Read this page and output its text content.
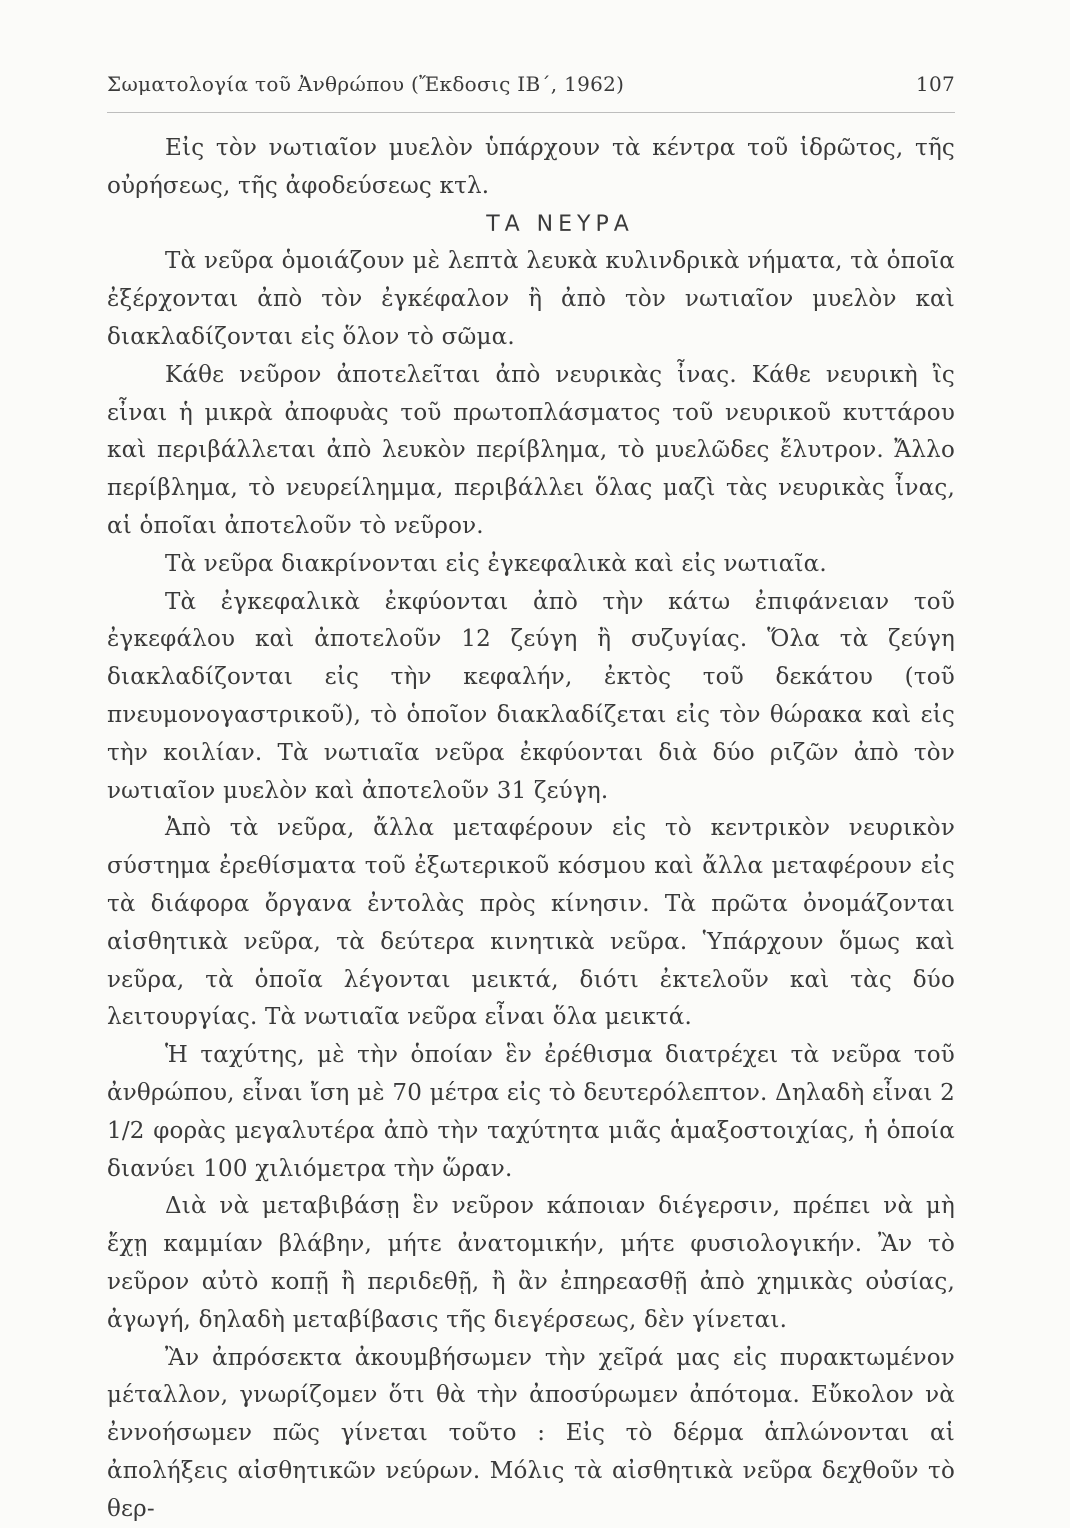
Σωματολογία τοῦ Ἀνθρώπου (Ἔκδοσις ΙΒ΄, 1962)	107

Εἰς τὸν νωτιαῖον μυελὸν ὑπάρχουν τὰ κέντρα τοῦ ἱδρῶτος, τῆς οὐρήσεως, τῆς ἀφοδεύσεως κτλ.

ΤΑ ΝΕΥΡΑ

Τὰ νεῦρα ὁμοιάζουν μὲ λεπτὰ λευκὰ κυλινδρικὰ νήματα, τὰ ὁποῖα ἐξέρχονται ἀπὸ τὸν ἐγκέφαλον ἢ ἀπὸ τὸν νωτιαῖον μυελὸν καὶ διακλαδίζονται εἰς ὅλον τὸ σῶμα.

Κάθε νεῦρον ἀποτελεῖται ἀπὸ νευρικὰς ἶνας. Κάθε νευρικὴ ἲς εἶναι ἡ μικρὰ ἀποφυὰς τοῦ πρωτοπλάσματος τοῦ νευρικοῦ κυττάρου καὶ περιβάλλεται ἀπὸ λευκὸν περίβλημα, τὸ μυελῶδες ἔλυτρον. Ἄλλο περίβλημα, τὸ νευρείλημμα, περιβάλλει ὅλας μαζὶ τὰς νευρικὰς ἶνας, αἱ ὁποῖαι ἀποτελοῦν τὸ νεῦρον.

Τὰ νεῦρα διακρίνονται εἰς ἐγκεφαλικὰ καὶ εἰς νωτιαῖα.

Τὰ ἐγκεφαλικὰ ἐκφύονται ἀπὸ τὴν κάτω ἐπιφάνειαν τοῦ ἐγκεφάλου καὶ ἀποτελοῦν 12 ζεύγη ἢ συζυγίας. Ὅλα τὰ ζεύγη διακλαδίζονται εἰς τὴν κεφαλήν, ἐκτὸς τοῦ δεκάτου (τοῦ πνευμονογαστρικοῦ), τὸ ὁποῖον διακλαδίζεται εἰς τὸν θώρακα καὶ εἰς τὴν κοιλίαν. Τὰ νωτιαῖα νεῦρα ἐκφύονται διὰ δύο ριζῶν ἀπὸ τὸν νωτιαῖον μυελὸν καὶ ἀποτελοῦν 31 ζεύγη.

Ἀπὸ τὰ νεῦρα, ἄλλα μεταφέρουν εἰς τὸ κεντρικὸν νευρικὸν σύστημα ἐρεθίσματα τοῦ ἐξωτερικοῦ κόσμου καὶ ἄλλα μεταφέρουν εἰς τὰ διάφορα ὄργανα ἐντολὰς πρὸς κίνησιν. Τὰ πρῶτα ὀνομάζονται αἰσθητικὰ νεῦρα, τὰ δεύτερα κινητικὰ νεῦρα. Ὑπάρχουν ὅμως καὶ νεῦρα, τὰ ὁποῖα λέγονται μεικτά, διότι ἐκτελοῦν καὶ τὰς δύο λειτουργίας. Τὰ νωτιαῖα νεῦρα εἶναι ὅλα μεικτά.

Ἡ ταχύτης, μὲ τὴν ὁποίαν ἓν ἐρέθισμα διατρέχει τὰ νεῦρα τοῦ ἀνθρώπου, εἶναι ἴση μὲ 70 μέτρα εἰς τὸ δευτερόλεπτον. Δηλαδὴ εἶναι 2 1/2 φορὰς μεγαλυτέρα ἀπὸ τὴν ταχύτητα μιᾶς ἁμαξοστοιχίας, ἡ ὁποία διανύει 100 χιλιόμετρα τὴν ὥραν.

Διὰ νὰ μεταβιβάσῃ ἓν νεῦρον κάποιαν διέγερσιν, πρέπει νὰ μὴ ἔχῃ καμμίαν βλάβην, μήτε ἀνατομικήν, μήτε φυσιολογικήν. Ἂν τὸ νεῦρον αὐτὸ κοπῇ ἢ περιδεθῇ, ἢ ἂν ἐπηρεασθῇ ἀπὸ χημικὰς οὐσίας, ἀγωγή, δηλαδὴ μεταβίβασις τῆς διεγέρσεως, δὲν γίνεται.

Ἂν ἀπρόσεκτα ἀκουμβήσωμεν τὴν χεῖρά μας εἰς πυρακτωμένον μέταλλον, γνωρίζομεν ὅτι θὰ τὴν ἀποσύρωμεν ἀπότομα. Εὔκολον νὰ ἐννοήσωμεν πῶς γίνεται τοῦτο : Εἰς τὸ δέρμα ἁπλώνονται αἱ ἀπολήξεις αἰσθητικῶν νεύρων. Μόλις τὰ αἰσθητικὰ νεῦρα δεχθοῦν τὸ θερ-
